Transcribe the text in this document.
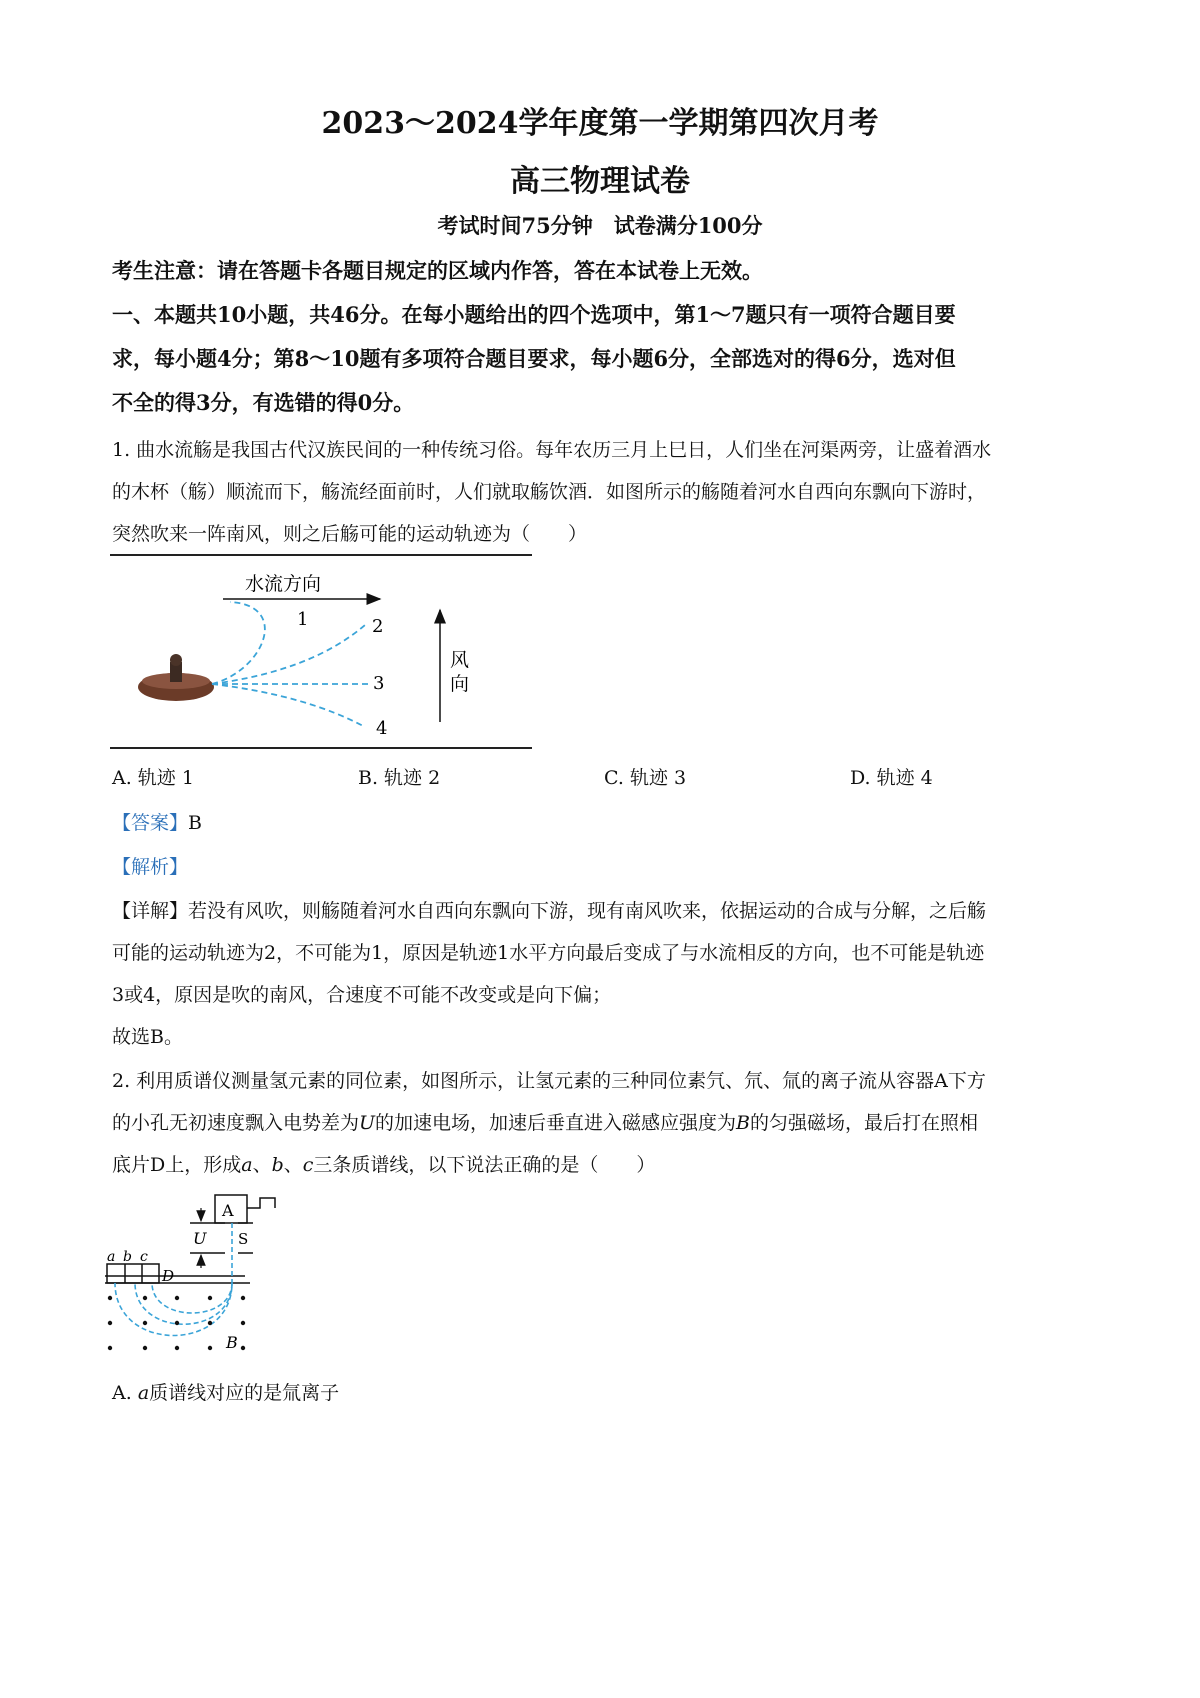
2023～2024学年度第一学期第四次月考
高三物理试卷
考试时间75分钟　试卷满分100分
考生注意：请在答题卡各题目规定的区域内作答，答在本试卷上无效。
一、本题共10小题，共46分。在每小题给出的四个选项中，第1～7题只有一项符合题目要
求，每小题4分；第8～10题有多项符合题目要求，每小题6分，全部选对的得6分，选对但
不全的得3分，有选错的得0分。
1. 曲水流觞是我国古代汉族民间的一种传统习俗。每年农历三月上巳日，人们坐在河渠两旁，让盛着酒水
的木杯（觞）顺流而下，觞流经面前时，人们就取觞饮酒．如图所示的觞随着河水自西向东飘向下游时，
突然吹来一阵南风，则之后觞可能的运动轨迹为（　　）
水流方向
风
向
1	2
3
4
A. 轨迹 1	B. 轨迹 2	C. 轨迹 3	D. 轨迹 4
【答案】B
【解析】
【详解】若没有风吹，则觞随着河水自西向东飘向下游，现有南风吹来，依据运动的合成与分解，之后觞
可能的运动轨迹为2，不可能为1，原因是轨迹1水平方向最后变成了与水流相反的方向，也不可能是轨迹
3或4，原因是吹的南风，合速度不可能不改变或是向下偏；
故选B。
2. 利用质谱仪测量氢元素的同位素，如图所示，让氢元素的三种同位素氕、氘、氚的离子流从容器A下方
的小孔无初速度飘入电势差为U的加速电场，加速后垂直进入磁感应强度为B的匀强磁场，最后打在照相
底片D上，形成a、b、c三条质谱线，以下说法正确的是（　　）
A
S
U
D
B
a b c
A. a质谱线对应的是氚离子
